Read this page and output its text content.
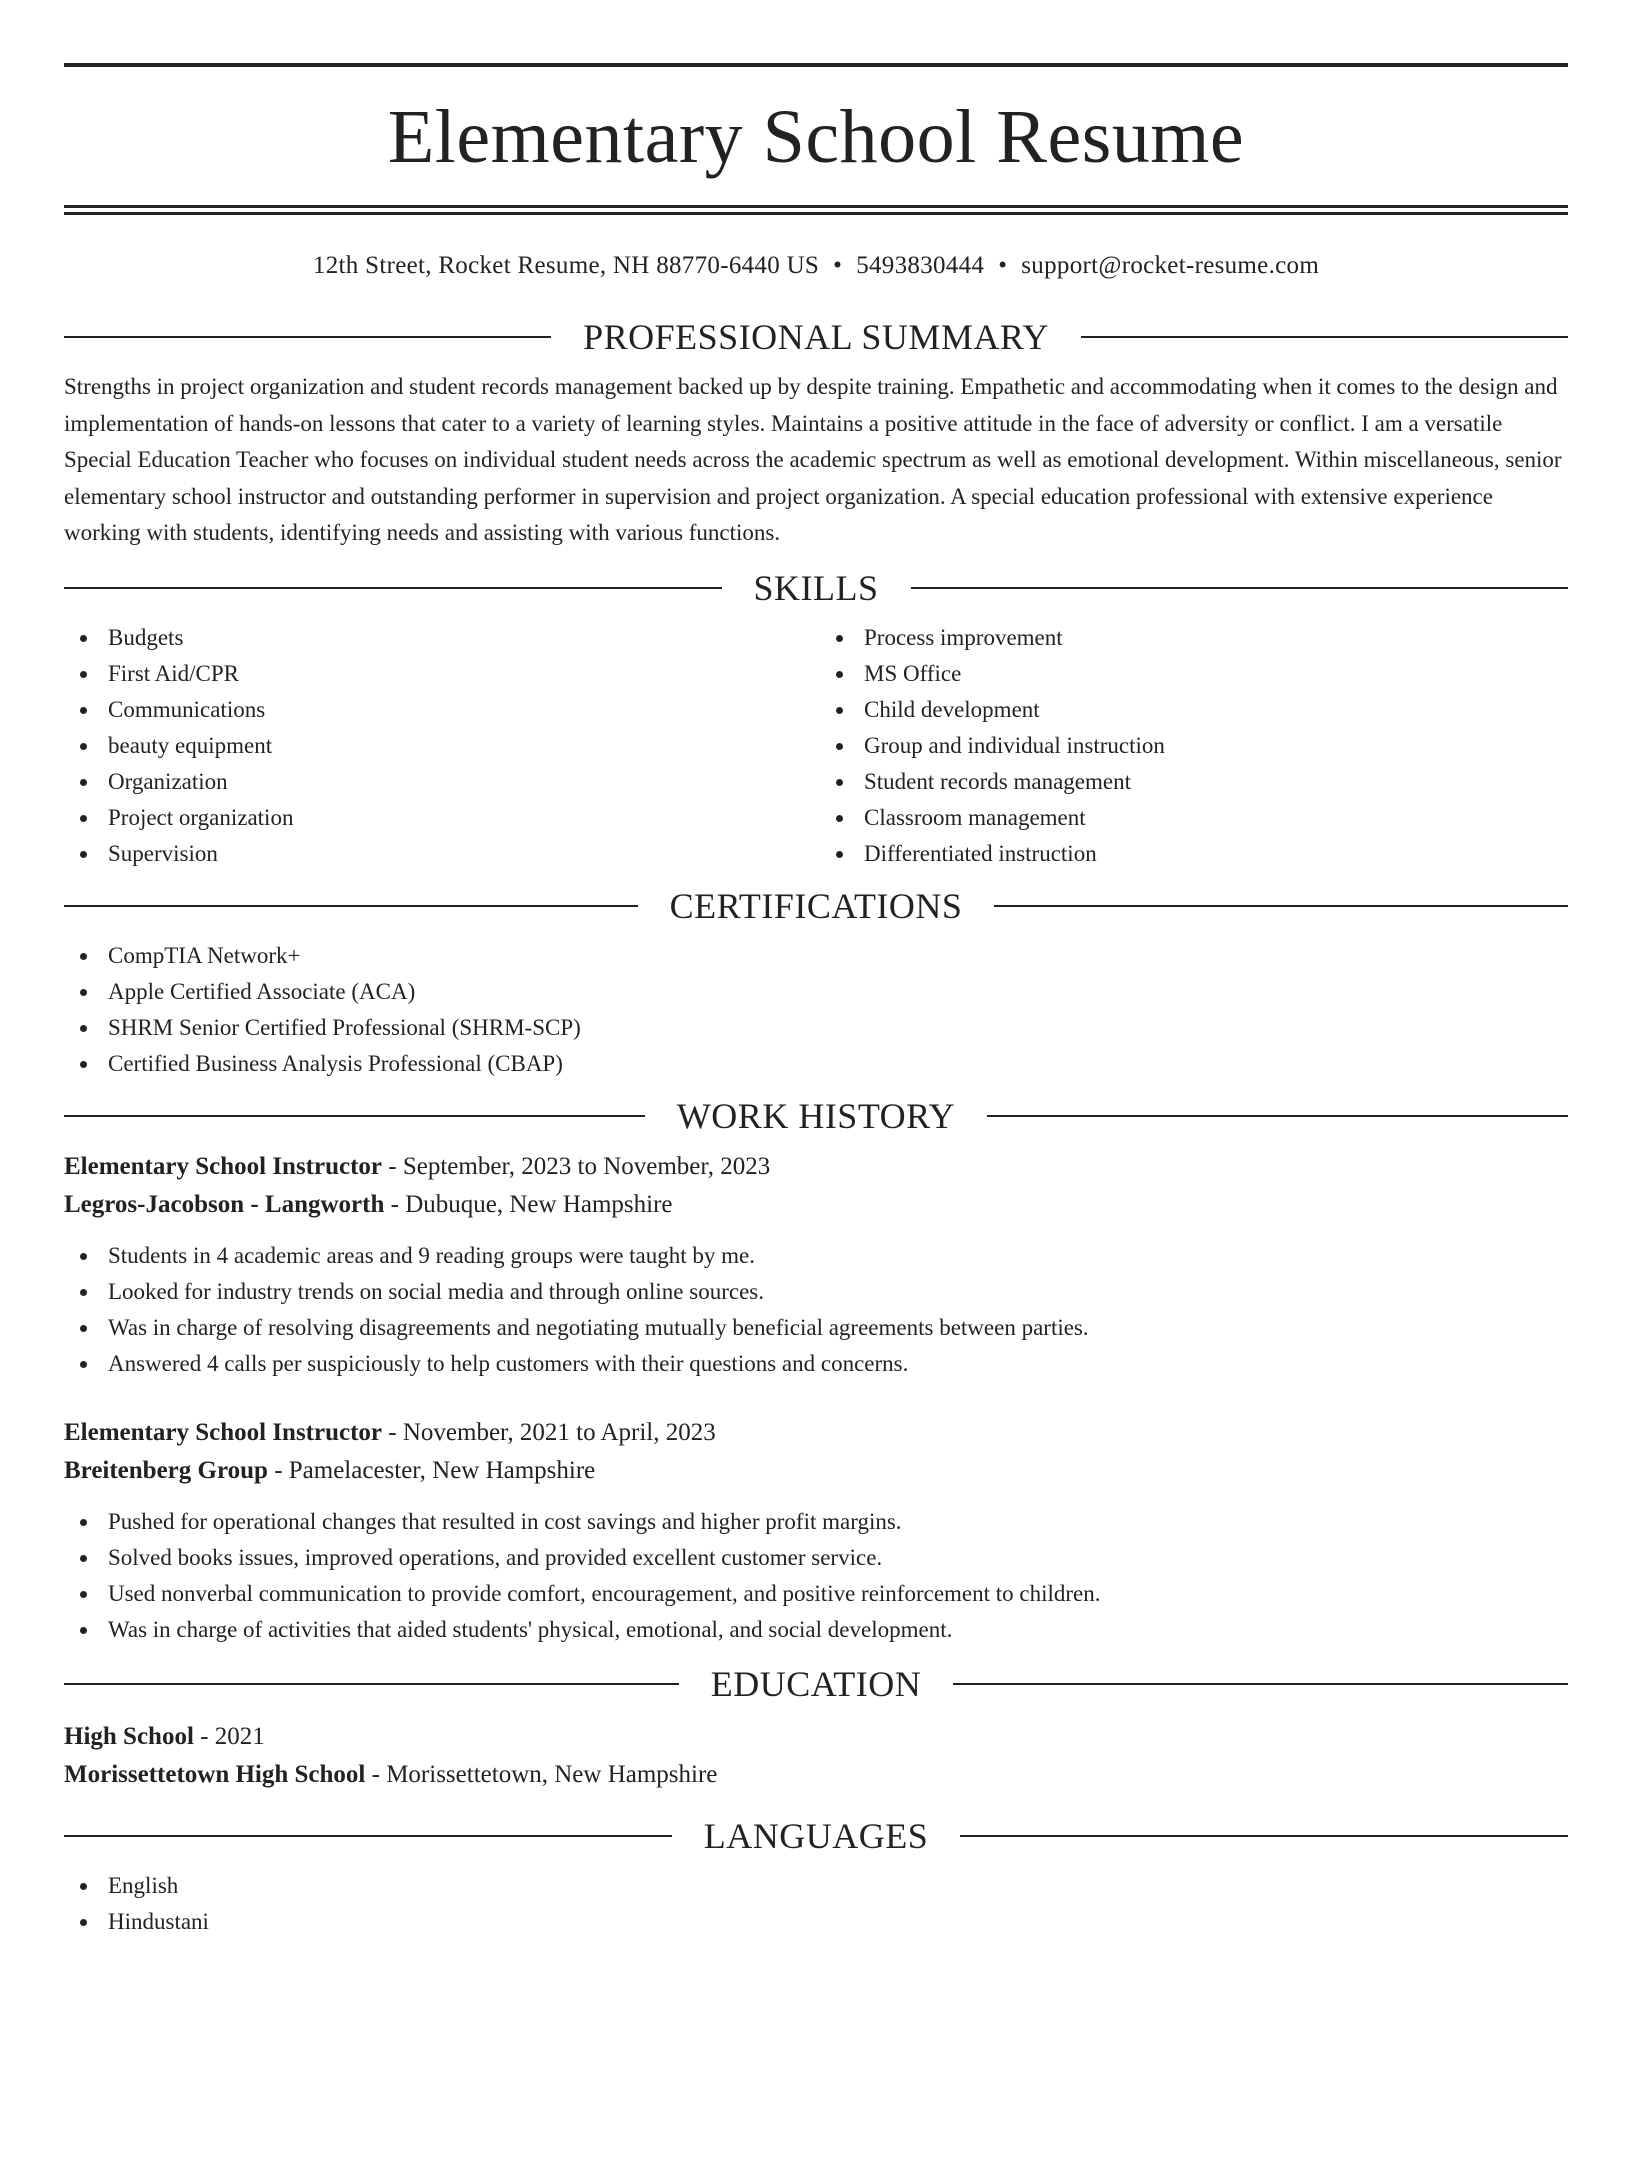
Elementary School Resume
12th Street, Rocket Resume, NH 88770-6440 US • 5493830444 • support@rocket-resume.com
PROFESSIONAL SUMMARY

Strengths in project organization and student records management backed up by despite training. Empathetic and accommodating when it comes to the design and implementation of hands-on lessons that cater to a variety of learning styles. Maintains a positive attitude in the face of adversity or conflict. I am a versatile Special Education Teacher who focuses on individual student needs across the academic spectrum as well as emotional development. Within miscellaneous, senior elementary school instructor and outstanding performer in supervision and project organization. A special education professional with extensive experience working with students, identifying needs and assisting with various functions.

SKILLS
Budgets
First Aid/CPR
Communications
beauty equipment
Organization
Project organization
Supervision
Process improvement
MS Office
Child development
Group and individual instruction
Student records management
Classroom management
Differentiated instruction
CERTIFICATIONS
CompTIA Network+
Apple Certified Associate (ACA)
SHRM Senior Certified Professional (SHRM-SCP)
Certified Business Analysis Professional (CBAP)
WORK HISTORY
Elementary School Instructor - September, 2023 to November, 2023
Legros-Jacobson - Langworth - Dubuque, New Hampshire
Students in 4 academic areas and 9 reading groups were taught by me.
Looked for industry trends on social media and through online sources.
Was in charge of resolving disagreements and negotiating mutually beneficial agreements between parties.
Answered 4 calls per suspiciously to help customers with their questions and concerns.
Elementary School Instructor - November, 2021 to April, 2023
Breitenberg Group - Pamelacester, New Hampshire
Pushed for operational changes that resulted in cost savings and higher profit margins.
Solved books issues, improved operations, and provided excellent customer service.
Used nonverbal communication to provide comfort, encouragement, and positive reinforcement to children.
Was in charge of activities that aided students' physical, emotional, and social development.
EDUCATION
High School - 2021
Morissettetown High School - Morissettetown, New Hampshire
LANGUAGES
English
Hindustani
